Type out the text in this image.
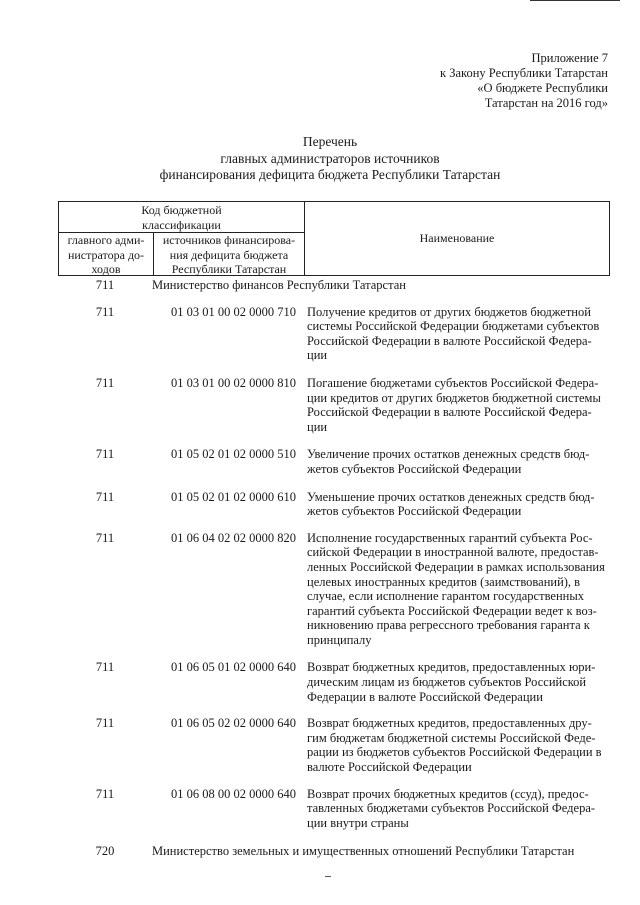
Приложение 7
к Закону Республики Татарстан
«О бюджете Республики
Татарстан на 2016 год»
Перечень
главных администраторов источников
финансирования дефицита бюджета Республики Татарстан
Код бюджетной
классификации
главного адми-
нистратора до-
ходов
источников финансирова-
ния дефицита бюджета
Республики Татарстан
Наименование
711	Министерство финансов Республики Татарстан
711	01 03 01 00 02 0000 710 Получение кредитов от других бюджетов бюджетной
системы Российской Федерации бюджетами субъектов
Российской Федерации в валюте Российской Федера-
ции
711	01 03 01 00 02 0000 810 Погашение бюджетами субъектов Российской Федера-
ции кредитов от других бюджетов бюджетной системы
Российской Федерации в валюте Российской Федера-
ции
711	01 05 02 01 02 0000 510 Увеличение прочих остатков денежных средств бюд-
жетов субъектов Российской Федерации
711	01 05 02 01 02 0000 610 Уменьшение прочих остатков денежных средств бюд-
жетов субъектов Российской Федерации
711	01 06 04 02 02 0000 820 Исполнение государственных гарантий субъекта Рос-
сийской Федерации в иностранной валюте, предостав-
ленных Российской Федерации в рамках использования
целевых иностранных кредитов (заимствований), в
случае, если исполнение гарантом государственных
гарантий субъекта Российской Федерации ведет к воз-
никновению права регрессного требования гаранта к
принципалу
711	01 06 05 01 02 0000 640 Возврат бюджетных кредитов, предоставленных юри-
дическим лицам из бюджетов субъектов Российской
Федерации в валюте Российской Федерации
711	01 06 05 02 02 0000 640 Возврат бюджетных кредитов, предоставленных дру-
гим бюджетам бюджетной системы Российской Феде-
рации из бюджетов субъектов Российской Федерации в
валюте Российской Федерации
711	01 06 08 00 02 0000 640 Возврат прочих бюджетных кредитов (ссуд), предос-
тавленных бюджетами субъектов Российской Федера-
ции внутри страны
720	Министерство земельных и имущественных отношений Республики Татарстан
